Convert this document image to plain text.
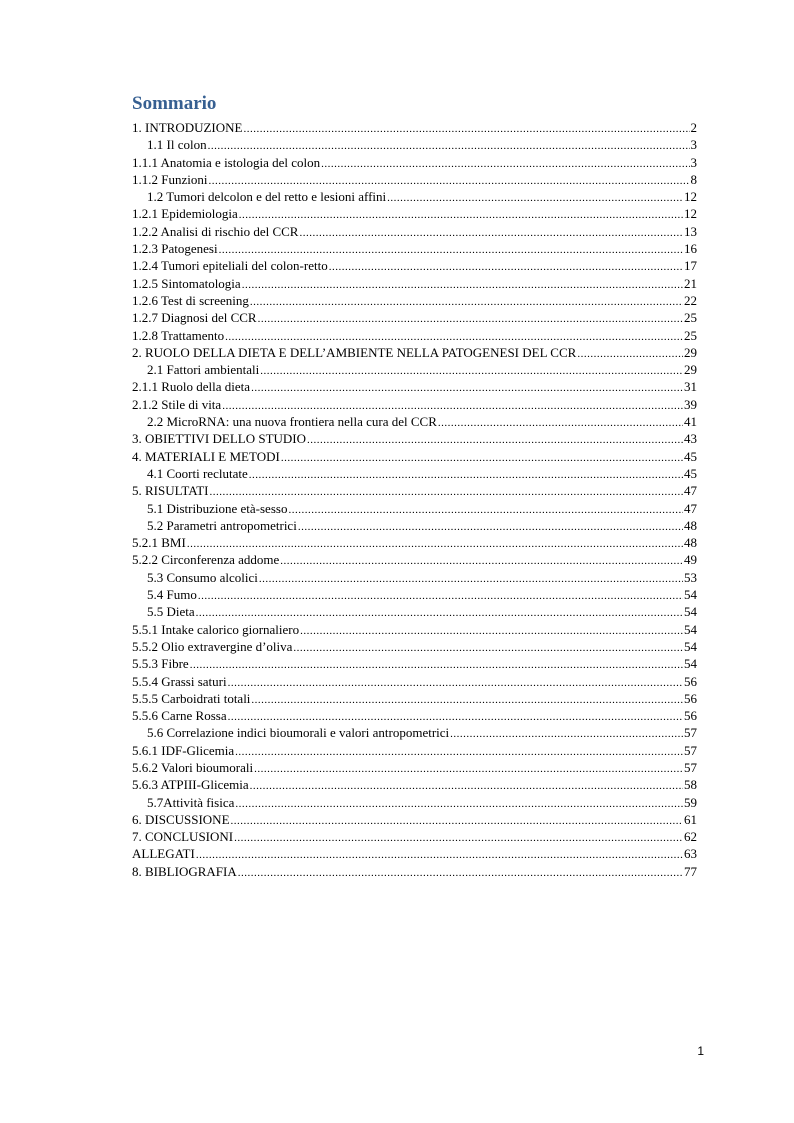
Sommario
1. INTRODUZIONE .....	2
1.1 Il colon .....	3
1.1.1 Anatomia e istologia del colon .....	3
1.1.2 Funzioni .....	8
1.2 Tumori delcolon e del retto e lesioni affini .....	12
1.2.1 Epidemiologia .....	12
1.2.2 Analisi di rischio del CCR .....	13
1.2.3 Patogenesi .....	16
1.2.4 Tumori epiteliali del colon-retto .....	17
1.2.5 Sintomatologia .....	21
1.2.6 Test di screening .....	22
1.2.7 Diagnosi del CCR .....	25
1.2.8 Trattamento .....	25
2. RUOLO DELLA DIETA E DELL’AMBIENTE NELLA PATOGENESI DEL CCR .....	29
2.1 Fattori ambientali .....	29
2.1.1 Ruolo della dieta .....	31
2.1.2 Stile di vita .....	39
2.2 MicroRNA: una nuova frontiera nella cura del CCR .....	41
3. OBIETTIVI DELLO STUDIO .....	43
4. MATERIALI E METODI .....	45
4.1 Coorti reclutate .....	45
5. RISULTATI .....	47
5.1 Distribuzione età-sesso .....	47
5.2 Parametri antropometrici .....	48
5.2.1 BMI .....	48
5.2.2 Circonferenza addome .....	49
5.3 Consumo alcolici .....	53
5.4 Fumo .....	54
5.5 Dieta .....	54
5.5.1 Intake calorico giornaliero .....	54
5.5.2 Olio extravergine d’oliva .....	54
5.5.3 Fibre .....	54
5.5.4 Grassi saturi .....	56
5.5.5 Carboidrati totali .....	56
5.5.6 Carne Rossa .....	56
5.6 Correlazione indici bioumorali e valori antropometrici .....	57
5.6.1 IDF-Glicemia .....	57
5.6.2 Valori bioumorali .....	57
5.6.3 ATPIII-Glicemia .....	58
5.7Attività fisica .....	59
6. DISCUSSIONE .....	61
7. CONCLUSIONI .....	62
ALLEGATI .....	63
8. BIBLIOGRAFIA .....	77
1
